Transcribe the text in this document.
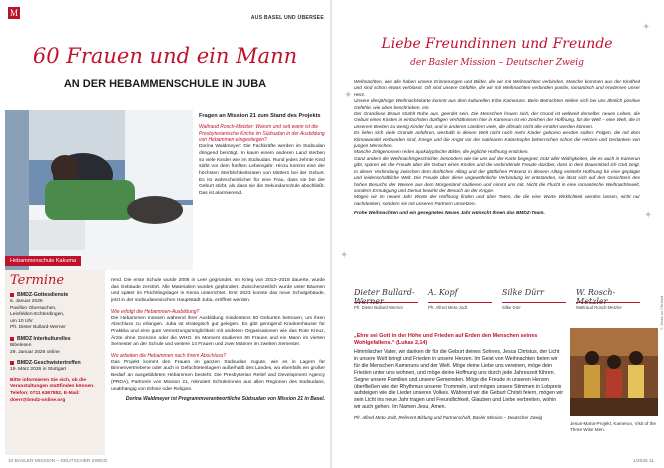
M	AUS BASEL UND ÜBERSEE
60 Frauen und ein Mann
AN DER HEBAMMENSCHULE IN JUBA
Hebammenschule Kakuma
Fragen an Mission 21 zum Stand des Projekts
Waltraud Rosch-Metzler: Warum und seit wann ist die Presbyterianische Kirche im Südsudan in der Ausbildung von Hebammen eingestiegen?
Dorina Waldmeyer: Die Fachkräfte werden im Südsudan dringend benötigt. In kaum einem anderen Land sterben so viele Kinder wie im Südsudan. Rund jedes zehnte Kind stirbt vor dem fünften Lebensjahr. Hinzu kommt eine der höchsten Sterblichkeitsraten von Müttern bei der Geburt. Es ist wahrscheinlicher für eine Frau, dass sie bei der Geburt stirbt, als dass sie die Sekundarschule abschließt. Das ist alarmierend.
Termine
BMDZ-Gottesdienste
6. Januar 2026
Pavillon Obersachen,
Leinfelden-Echterdingen,
um 10 Uhr
Pfr. Dieter Bullard-Werner
BMDZ Interkulturelles
Bibelesen
29. Januar 2026 online
BMDZ-Geschwistertreffen
19. März 2026 in Stuttgart
Bitte informieren Sie sich, ob die Veranstaltungen stattfinden können. Telefon: 0711 6367852, E-Mail: doerr@bmdz-online.org
rend. Die erste Schule wurde 2005 in Leer gegründet. Im Krieg von 2013–2018 dauerte, wurde das Gebäude zerstört. Alle Materialien wurden geplündert. Zwischenzeitlich wurde unter Bäumen und später im Flüchtlingslager in Kenia unterrichtet. Erst 2023 konnte das neue Schulgebäude, jetzt in der südsudanesischen Hauptstadt Juba, eröffnet werden.
Wie erfolgt die Hebammen-Ausbildung?
Die Hebammen müssen während ihrer Ausbildung mindestens 50 Geburten betreuen, um ihren Abschluss zu erlangen. Juba ist strategisch gut gelegen. Es gibt genügend Krankenhäuser für Praktika und eine gute Vernetzungsmöglichkeit mit anderen Organisationen wie das Rote Kreuz, Ärzte ohne Grenzen oder die WHO. Im Moment studieren 60 Frauen und ein Mann im vierten Semester an der Schule und weitere 14 Frauen und zwei Männer im zweiten Semester.
Wo arbeiten die Hebammen nach ihrem Abschluss?
Das Projekt kommt den Frauen im ganzen Südsudan zugute, wie es in Lagern für Binnenvertriebene oder auch in Gefüchtetenlagern außerhalb des Landes, wo ebenfalls ein großer Bedarf an ausgebildeten Hebammen besteht. Die Presbyterian Relief and Development Agency (PRDA), Partnerin von Mission 21, rekrutiert Schülerinnen aus allen Regionen des Südsudans, unabhängig von Ethnie oder Religion.
Dorina Waldmeyer ist Programmverantwortliche Südsudan von Mission 21 in Basel.
10 BASLER MISSION – DEUTSCHER ZWEIG
✦
✦
✦
✦
Liebe Freundinnen und Freunde
der Basler Mission – Deutscher Zweig
Weihnachten, wie alle haben unsere Erinnerungen und Bilder, die wir mit Weihnachten verbinden. Manche kommen aus der Kindheit und sind schon etwas verblasst. Oft sind unsere Gefühle, die wir mit Weihnachten verbinden positiv, romantisch und erwärmen unser Herz.
Unsere diesjährige Weihnachtskarte kommt aus dem kulturellen Erbe Kameruns. Beim Betrachten stellen sich bei uns ähnlich positive Gefühle, wie oben beschrieben, ein.
Der Grandiose Braun strahlt Ruhe aus, geerdet sein. Die Menschen freuen sich, der Grund ist weltweit derselbe: neues Leben, die Geburt eines Kindes in einfachsten dürftigen Verhältnissen hier in Kamerun ist ein Zeichen der Hoffnung, für die Welt – eine Welt, die in unserem Breiten zu wenig Kinder hat, und in anderen Ländern viele, die oftmals nicht alle ernährt werden können.
Es liefen sich viele Gründe anführen, weshalb in diesen Welt nicht noch mehr Kinder geboren werden sollen: Folgen, die mit dem Klimawandel verbunden sind, Kriege und die Angst vor der nuklearen Katastrophe beherrschen schon die Herzen und Gedanken von jungen Menschen.
Manche Zeitgenossen reden apokalyptische Bilder, die jegliche Hoffnung ersticken.
Ganz anders die Weihnachtsgeschichte, besonders wie sie uns auf der Karte begegnet, trotz aller Widrigkeiten, die es auch in Kamerun gibt, spüren wir die Freude über die Geburt eines Kindes und die verbindende Freude darüber, dass in dem Bauernkind ich Gott zeigt. In dieser Verbindung zwischen dem dürftichen Alltag und der göttlichen Präsenz in diesem Alltag entsteht Hoffnung für eine geplagte und leidenschaftliche Welt. Die Freude über diese ungewöhnliche Verbindung ist entstanden, sie lässt sich auf den Gesichtern des hohen Besuchs der Weisen aus dem Morgenland studieren und nimmt uns mit. Nicht die Flucht in eine romantische Weihnachtswelt, sondern Ermutigung und Demut bewirkt der Besuch an der Krippe.
Mögen wir im neuen Jahr Worte der Hoffnung finden und über Taten, die die eine Worte Wirklichkeit werden lassen, nicht nur nachdenken, sondern sie mit unseren Partnern umsetzen.
Frohe Weihnachten und ein gesegnetes Neues Jahr wünscht Ihnen das BMDZ-Team.
Dieter Bullard-Werner
Pfr. Dieter Bullard-Werner
A. Kopf
Pfr. Alfred Meto-Jodt
Silke Dürr
Silke Dürr
W. Rosch-Metzler
Waltraud Rosch-Metzler
„Ehre sei Gott in der Höhe und Frieden auf Erden den Menschen seines Wohlgefallens.“ (Lukas 2,14)
Himmlischer Vater, wir danken dir für die Geburt deines Sohnes, Jesus Christus, der Licht in unsere Welt bringt und Frieden in unsere Herzen. Im Geist von Weihnachten beten wir für die Menschen Kameruns und der Welt. Möge deine Liebe uns vereinen, möge dein Frieden unter uns wohnen, und möge deine Hoffnung uns durch jede Jahreszeit führen. Segne unsere Familien und unsere Gemeinden. Möge die Freude in unseren Herzen überfließen wie der Rhythmus unserer Trommeln, und mögen unsere Stimmen in Lobpreis aufsteigen wie die Lieder unseres Volkes. Während wir die Geburt Christi feiern, mögen wir sein Licht ins neue Jahr tragen und Freundlichkeit, Glauben und Liebe verbreiten, wohin wir auch gehen. Im Namen Jesu, Amen.
Pfr. Alfred Meto-Jodt, Referent Bildung und Partnerschaft, Basler Mission – Deutscher Zweig
Jesus-Maria-Projekt, Kamerun, Visit of the Three Wise Men.
© Jeska no ©Erhard
1/2026 11
